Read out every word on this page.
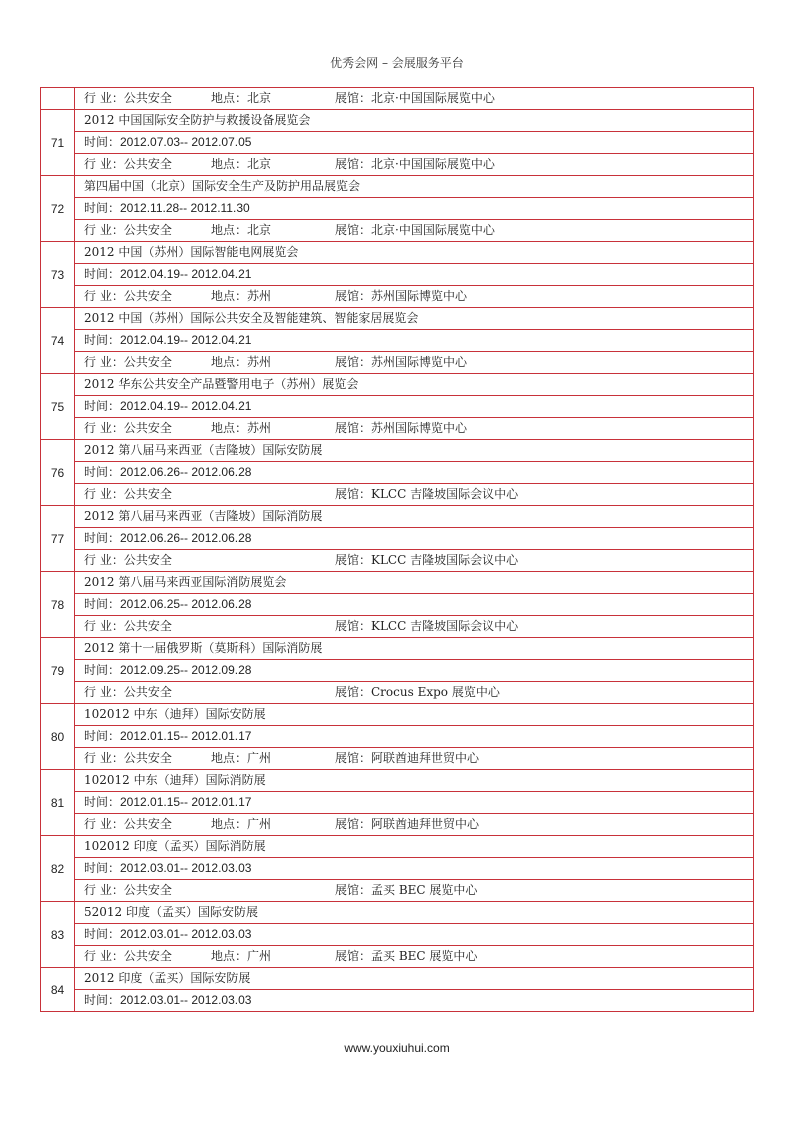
优秀会网 – 会展服务平台
行 业：公共安全	地点：北京	展馆：北京·中国国际展览中心
71
2012 中国国际安全防护与救援设备展览会
时间：2012.07.03-- 2012.07.05
行 业：公共安全	地点：北京	展馆：北京·中国国际展览中心
72
第四届中国（北京）国际安全生产及防护用品展览会
时间：2012.11.28-- 2012.11.30
行 业：公共安全	地点：北京	展馆：北京·中国国际展览中心
73
2012 中国（苏州）国际智能电网展览会
时间：2012.04.19-- 2012.04.21
行 业：公共安全	地点：苏州	展馆：苏州国际博览中心
74
2012 中国（苏州）国际公共安全及智能建筑、智能家居展览会
时间：2012.04.19-- 2012.04.21
行 业：公共安全	地点：苏州	展馆：苏州国际博览中心
75
2012 华东公共安全产品暨警用电子（苏州）展览会
时间：2012.04.19-- 2012.04.21
行 业：公共安全	地点：苏州	展馆：苏州国际博览中心
76
2012 第八届马来西亚（吉隆坡）国际安防展
时间：2012.06.26-- 2012.06.28
行 业：公共安全	展馆：KLCC 吉隆坡国际会议中心
77
2012 第八届马来西亚（吉隆坡）国际消防展
时间：2012.06.26-- 2012.06.28
行 业：公共安全	展馆：KLCC 吉隆坡国际会议中心
78
2012 第八届马来西亚国际消防展览会
时间：2012.06.25-- 2012.06.28
行 业：公共安全	展馆：KLCC 吉隆坡国际会议中心
79
2012 第十一届俄罗斯（莫斯科）国际消防展
时间：2012.09.25-- 2012.09.28
行 业：公共安全	展馆：Crocus Expo 展览中心
80
102012 中东（迪拜）国际安防展
时间：2012.01.15-- 2012.01.17
行 业：公共安全	地点：广州	展馆：阿联酋迪拜世贸中心
81
102012 中东（迪拜）国际消防展
时间：2012.01.15-- 2012.01.17
行 业：公共安全	地点：广州	展馆：阿联酋迪拜世贸中心
82
102012 印度（孟买）国际消防展
时间：2012.03.01-- 2012.03.03
行 业：公共安全	展馆：孟买 BEC 展览中心
83
52012 印度（孟买）国际安防展
时间：2012.03.01-- 2012.03.03
行 业：公共安全	地点：广州	展馆：孟买 BEC 展览中心
84
2012 印度（孟买）国际安防展
时间：2012.03.01-- 2012.03.03
www.youxiuhui.com
